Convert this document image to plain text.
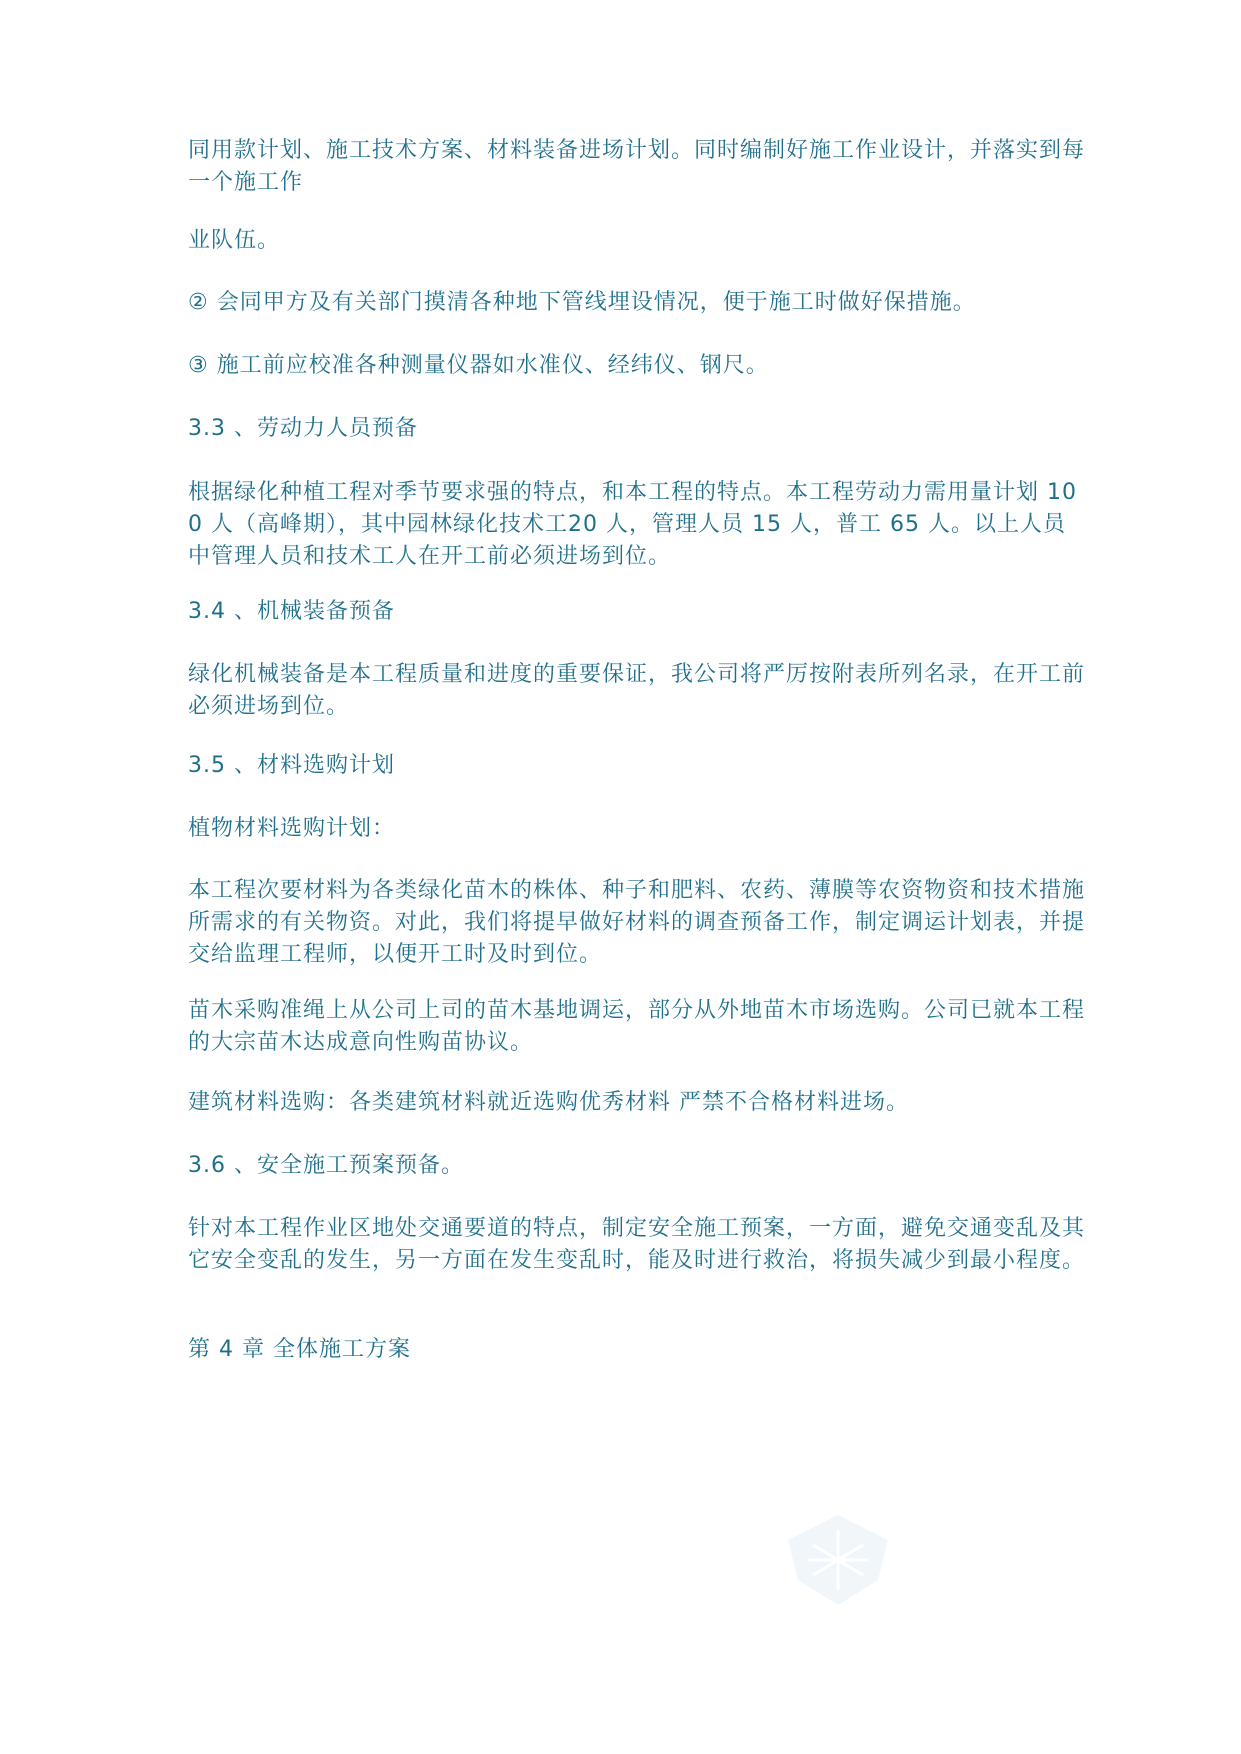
同用款计划、施工技术方案、材料装备进场计划。同时编制好施工作业设计，并落实到每一个施工作
业队伍。
② 会同甲方及有关部门摸清各种地下管线埋设情况，便于施工时做好保措施。
③ 施工前应校准各种测量仪器如水准仪、经纬仪、钢尺。
3.3 、劳动力人员预备
根据绿化种植工程对季节要求强的特点，和本工程的特点。本工程劳动力需用量计划 100 人（高峰期），其中园林绿化技术工20 人，管理人员 15 人，普工 65 人。以上人员中管理人员和技术工人在开工前必须进场到位。
3.4 、机械装备预备
绿化机械装备是本工程质量和进度的重要保证，我公司将严厉按附表所列名录，在开工前必须进场到位。
3.5 、材料选购计划
植物材料选购计划：
本工程次要材料为各类绿化苗木的株体、种子和肥料、农药、薄膜等农资物资和技术措施所需求的有关物资。对此，我们将提早做好材料的调查预备工作，制定调运计划表，并提交给监理工程师，以便开工时及时到位。
苗木采购准绳上从公司上司的苗木基地调运，部分从外地苗木市场选购。公司已就本工程的大宗苗木达成意向性购苗协议。
建筑材料选购：各类建筑材料就近选购优秀材料 严禁不合格材料进场。
3.6 、安全施工预案预备。
针对本工程作业区地处交通要道的特点，制定安全施工预案，一方面，避免交通变乱及其它安全变乱的发生，另一方面在发生变乱时，能及时进行救治，将损失减少到最小程度。
第 4 章 全体施工方案
